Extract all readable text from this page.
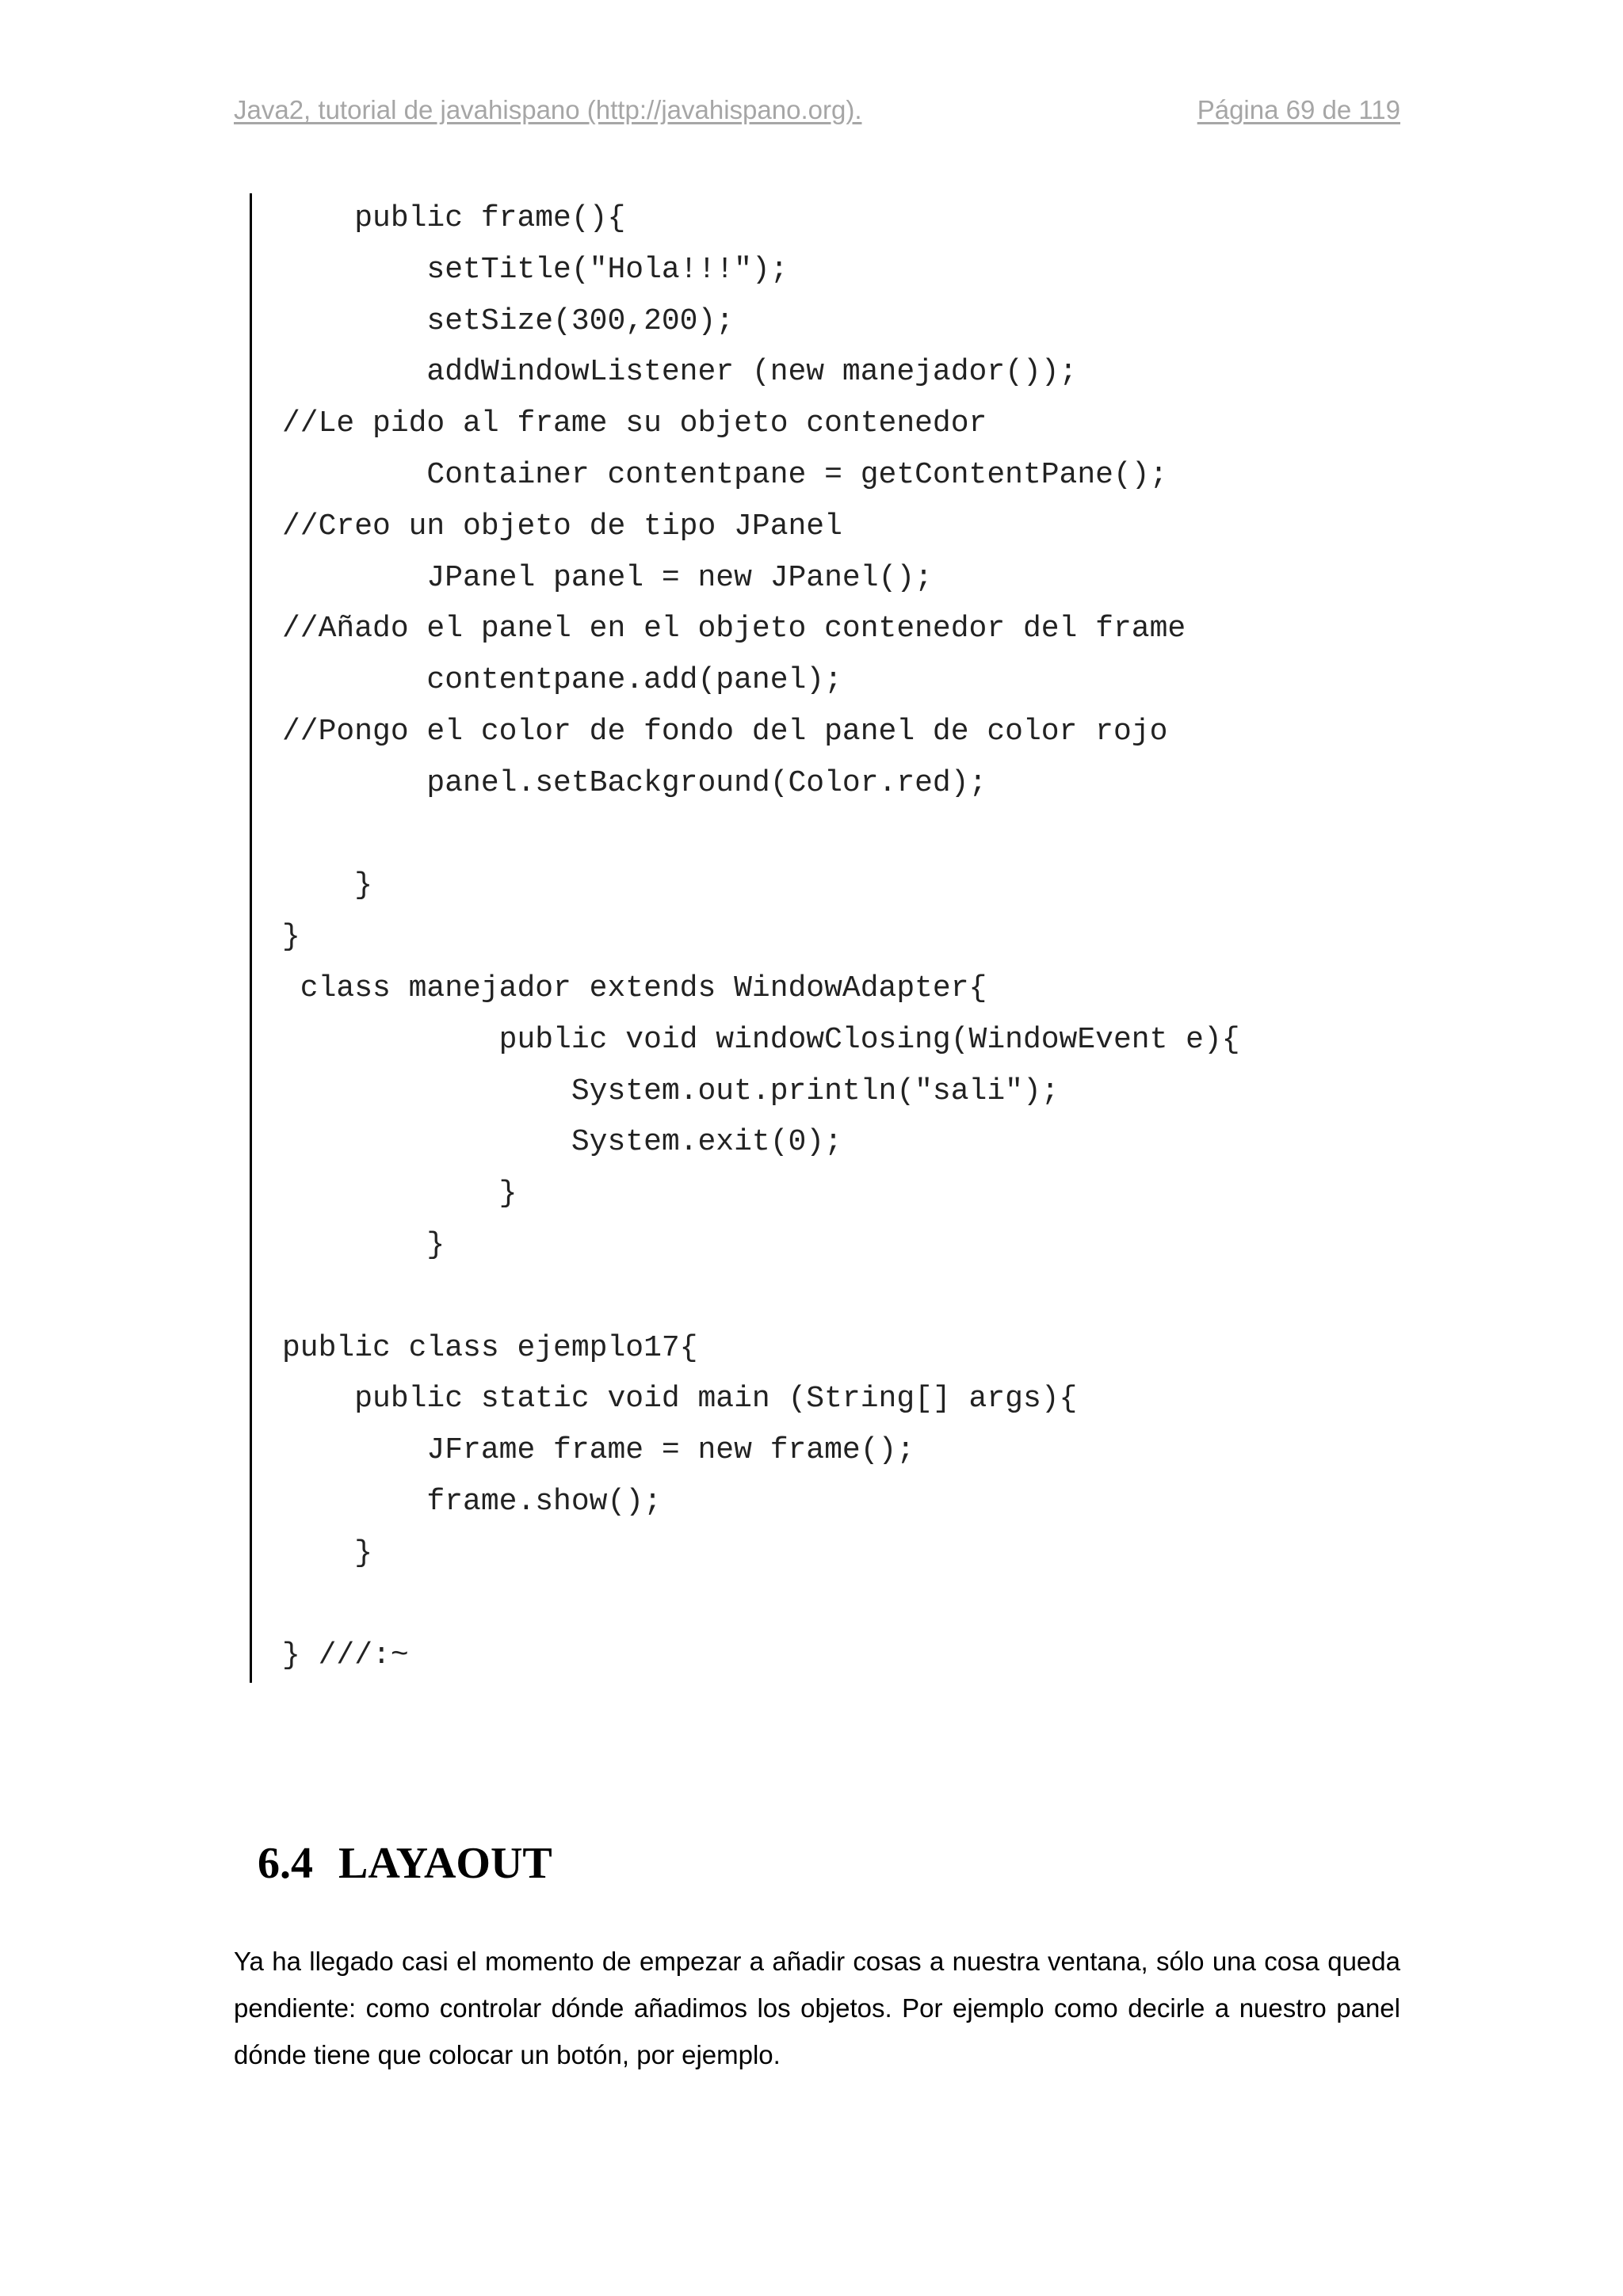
Java2, tutorial de javahispano (http://javahispano.org).	Página 69 de 119
public frame(){
setTitle("Hola!!!");
setSize(300,200);
addWindowListener (new manejador());
//Le pido al frame su objeto contenedor
Container contentpane = getContentPane();
//Creo un objeto de tipo JPanel
JPanel panel = new JPanel();
//Añado el panel en el objeto contenedor del frame
contentpane.add(panel);
//Pongo el color de fondo del panel de color rojo
panel.setBackground(Color.red);
}
}
class manejador extends WindowAdapter{
public void windowClosing(WindowEvent e){
System.out.println("sali");
System.exit(0);
}
}
public class ejemplo17{
public static void main (String[] args){
JFrame frame = new frame();
frame.show();
}
} ///:~
6.4 LAYAOUT
Ya ha llegado casi el momento de empezar a añadir cosas a nuestra ventana, sólo una cosa queda pendiente: como controlar dónde añadimos los objetos. Por ejemplo como decirle a nuestro panel dónde tiene que colocar un botón, por ejemplo.
